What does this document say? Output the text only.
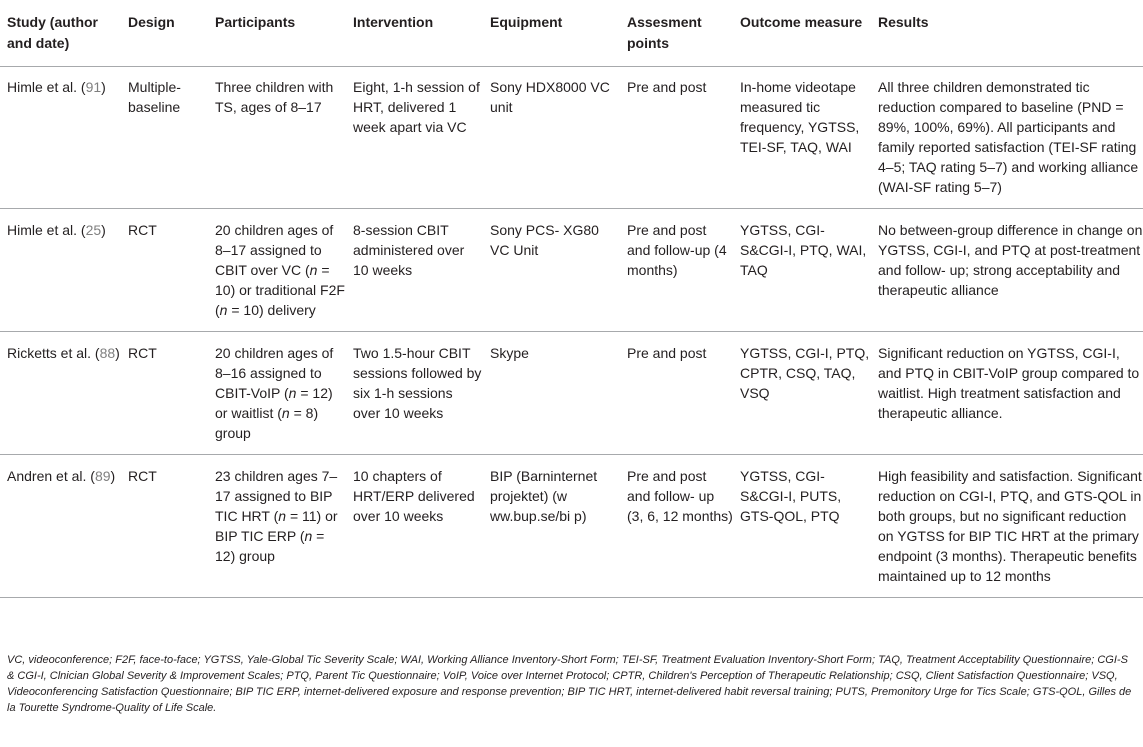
Study (author and date)	Design	Participants	Intervention	Equipment	Assesment points	Outcome measure	Results
Himle et al. (91)	Multiple-baseline	Three children with TS, ages of 8–17	Eight, 1-h session of HRT, delivered 1 week apart via VC	Sony HDX8000 VC unit	Pre and post	In-home videotape measured tic frequency, YGTSS, TEI-SF, TAQ, WAI	All three children demonstrated tic reduction compared to baseline (PND = 89%, 100%, 69%). All participants and family reported satisfaction (TEI-SF rating 4–5; TAQ rating 5–7) and working alliance (WAI-SF rating 5–7)
Himle et al. (25)	RCT	20 children ages of 8–17 assigned to CBIT over VC (n = 10) or traditional F2F (n = 10) delivery	8-session CBIT administered over 10 weeks	Sony PCS- XG80 VC Unit	Pre and post and follow-up (4 months)	YGTSS, CGI-S&CGI-I, PTQ, WAI, TAQ	No between-group difference in change on YGTSS, CGI-I, and PTQ at post-treatment and follow- up; strong acceptability and therapeutic alliance
Ricketts et al. (88)	RCT	20 children ages of 8–16 assigned to CBIT-VoIP (n = 12) or waitlist (n = 8) group	Two 1.5-hour CBIT sessions followed by six 1-h sessions over 10 weeks	Skype	Pre and post	YGTSS, CGI-I, PTQ, CPTR, CSQ, TAQ, VSQ	Significant reduction on YGTSS, CGI-I, and PTQ in CBIT-VoIP group compared to waitlist. High treatment satisfaction and therapeutic alliance.
Andren et al. (89)	RCT	23 children ages 7–17 assigned to BIP TIC HRT (n = 11) or BIP TIC ERP (n = 12) group	10 chapters of HRT/ERP delivered over 10 weeks	BIP (Barninternet projektet) (w ww.bup.se/bi p)	Pre and post and follow- up (3, 6, 12 months)	YGTSS, CGI-S&CGI-I, PUTS, GTS-QOL, PTQ	High feasibility and satisfaction. Significant reduction on CGI-I, PTQ, and GTS-QOL in both groups, but no significant reduction on YGTSS for BIP TIC HRT at the primary endpoint (3 months). Therapeutic benefits maintained up to 12 months
VC, videoconference; F2F, face-to-face; YGTSS, Yale-Global Tic Severity Scale; WAI, Working Alliance Inventory-Short Form; TEI-SF, Treatment Evaluation Inventory-Short Form; TAQ, Treatment Acceptability Questionnaire; CGI-S & CGI-I, Clnician Global Severity & Improvement Scales; PTQ, Parent Tic Questionnaire; VoIP, Voice over Internet Protocol; CPTR, Children's Perception of Therapeutic Relationship; CSQ, Client Satisfaction Questionnaire; VSQ, Videoconferencing Satisfaction Questionnaire; BIP TIC ERP, internet-delivered exposure and response prevention; BIP TIC HRT, internet-delivered habit reversal training; PUTS, Premonitory Urge for Tics Scale; GTS-QOL, Gilles de la Tourette Syndrome-Quality of Life Scale.
